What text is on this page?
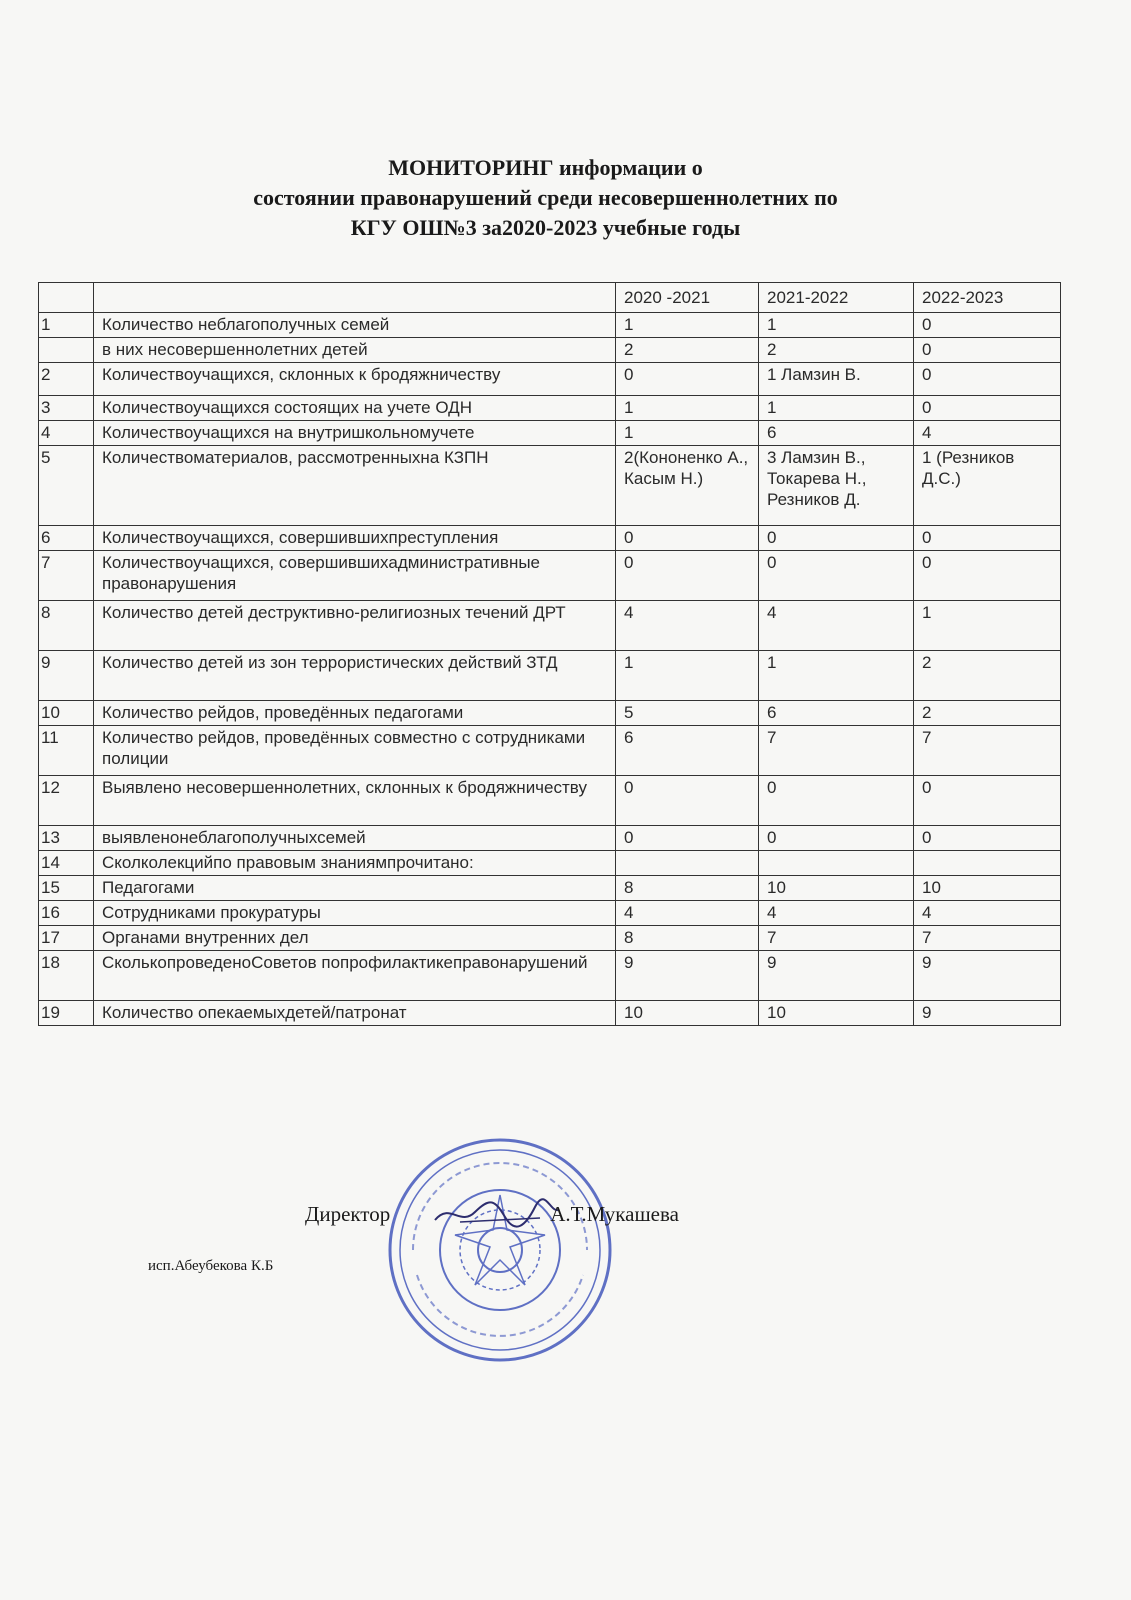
МОНИТОРИНГ информации о
состоянии правонарушений среди несовершеннолетних по
КГУ ОШ№3 за2020-2023 учебные годы
		2020 -2021	2021-2022	2022-2023
1	Количество неблагополучных семей	1	1	0
	в них несовершеннолетних детей	2	2	0
2	Количествоучащихся, склонных к бродяжничеству	0	1 Ламзин В.	0
3	Количествоучащихся состоящих на учете ОДН	1	1	0
4	Количествоучащихся на внутришкольномучете	1	6	4
5	Количествоматериалов, рассмотренныхна КЗПН	2(Кононенко А., Касым Н.)	3 Ламзин В., Токарева Н., Резников Д.	1 (Резников Д.С.)
6	Количествоучащихся, совершившихпреступления	0	0	0
7	Количествоучащихся, совершившихадминистративные правонарушения	0	0	0
8	Количество детей деструктивно-религиозных течений ДРТ	4	4	1
9	Количество детей из зон террористических действий ЗТД	1	1	2
10	Количество рейдов, проведённых педагогами	5	6	2
11	Количество рейдов, проведённых совместно с сотрудниками полиции	6	7	7
12	Выявлено несовершеннолетних, склонных к бродяжничеству	0	0	0
13	выявленонеблагополучныхсемей	0	0	0
14	Сколколекцийпо правовым знаниямпрочитано:			
15	Педагогами	8	10	10
16	Сотрудниками прокуратуры	4	4	4
17	Органами внутренних дел	8	7	7
18	СколькопроведеноСоветов попрофилактикеправонарушений	9	9	9
19	Количество опекаемыхдетей/патронат	10	10	9
Директор	А.Т.Мукашева
исп.Абеубекова К.Б
